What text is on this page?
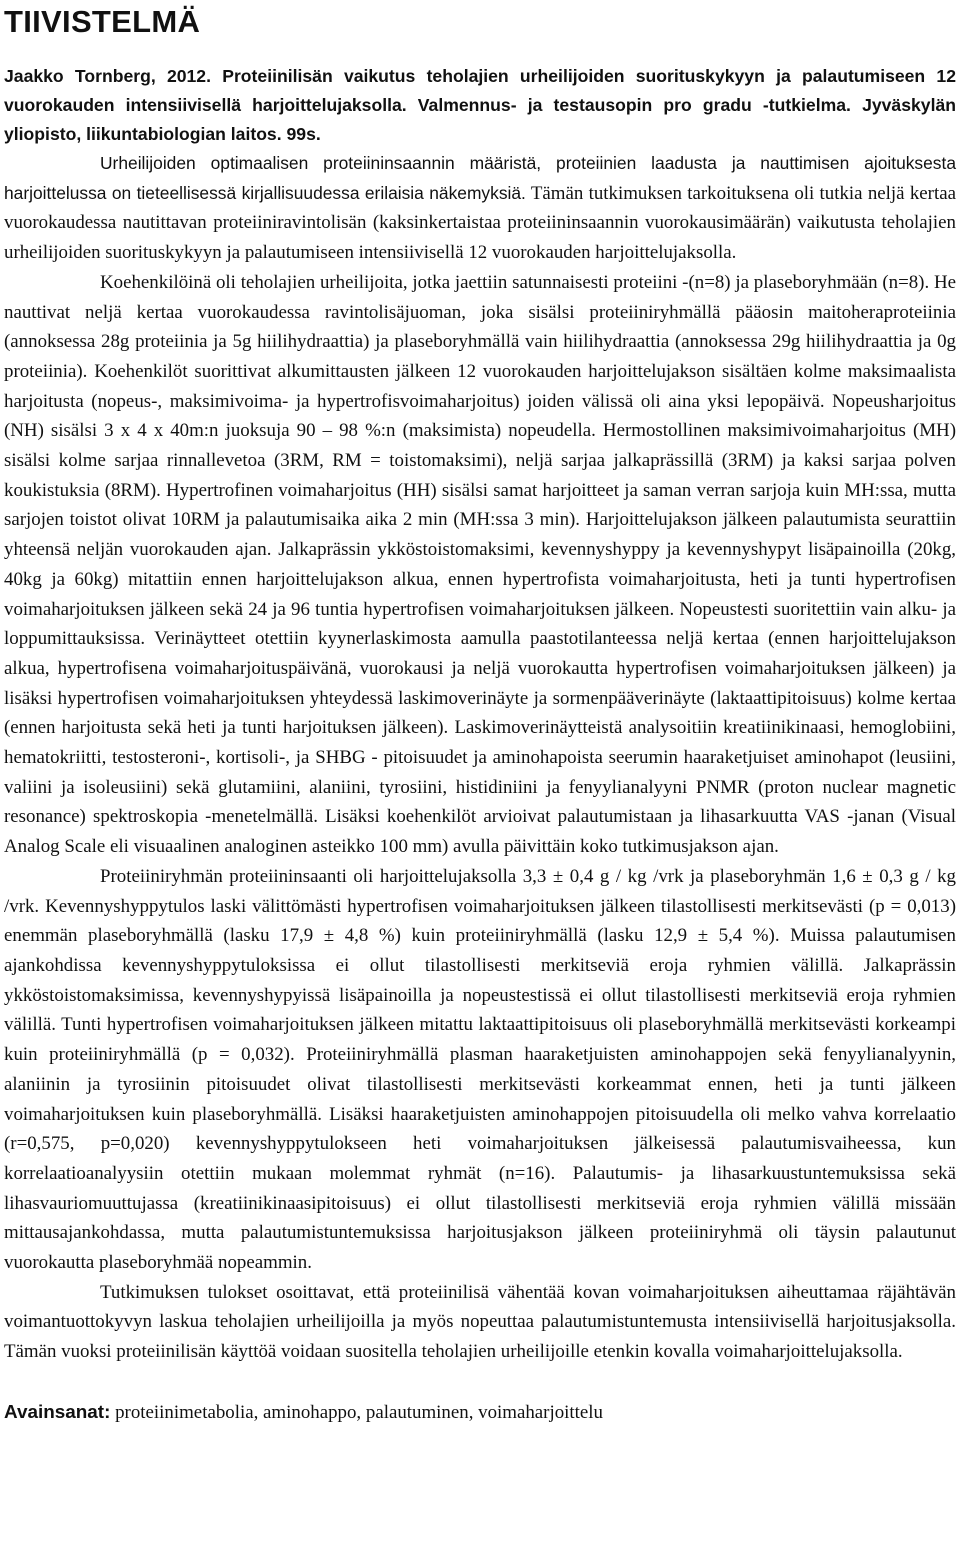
TIIVISTELMÄ

Jaakko Tornberg, 2012. Proteiinilisän vaikutus teholajien urheilijoiden suorituskykyyn ja palautumiseen 12 vuorokauden intensiivisellä harjoittelujaksolla. Valmennus- ja testausopin pro gradu -tutkielma. Jyväskylän yliopisto, liikuntabiologian laitos. 99s.

Urheilijoiden optimaalisen proteiininsaannin määristä, proteiinien laadusta ja nauttimisen ajoituksesta harjoittelussa on tieteellisessä kirjallisuudessa erilaisia näkemyksiä. Tämän tutkimuksen tarkoituksena oli tutkia neljä kertaa vuorokaudessa nautittavan proteiiniravintolisän (kaksinkertaistaa proteiininsaannin vuorokausimäärän) vaikutusta teholajien urheilijoiden suorituskykyyn ja palautumiseen intensiivisellä 12 vuorokauden harjoittelujaksolla.

Koehenkilöinä oli teholajien urheilijoita, jotka jaettiin satunnaisesti proteiini -(n=8) ja plaseboryhmään (n=8). He nauttivat neljä kertaa vuorokaudessa ravintolisäjuoman, joka sisälsi proteiiniryhmällä pääosin maitoheraproteiinia (annoksessa 28g proteiinia ja 5g hiilihydraattia) ja plaseboryhmällä vain hiilihydraattia (annoksessa 29g hiilihydraattia ja 0g proteiinia). Koehenkilöt suorittivat alkumittausten jälkeen 12 vuorokauden harjoittelujakson sisältäen kolme maksimaalista harjoitusta (nopeus-, maksimivoima- ja hypertrofisvoimaharjoitus) joiden välissä oli aina yksi lepopäivä. Nopeusharjoitus (NH) sisälsi 3 x 4 x 40m:n juoksuja 90 – 98 %:n (maksimista) nopeudella. Hermostollinen maksimivoimaharjoitus (MH) sisälsi kolme sarjaa rinnallevetoa (3RM, RM = toistomaksimi), neljä sarjaa jalkaprässillä (3RM) ja kaksi sarjaa polven koukistuksia (8RM). Hypertrofinen voimaharjoitus (HH) sisälsi samat harjoitteet ja saman verran sarjoja kuin MH:ssa, mutta sarjojen toistot olivat 10RM ja palautumisaika aika 2 min (MH:ssa 3 min). Harjoittelujakson jälkeen palautumista seurattiin yhteensä neljän vuorokauden ajan. Jalkaprässin ykköstoistomaksimi, kevennyshyppy ja kevennyshypyt lisäpainoilla (20kg, 40kg ja 60kg) mitattiin ennen harjoittelujakson alkua, ennen hypertrofista voimaharjoitusta, heti ja tunti hypertrofisen voimaharjoituksen jälkeen sekä 24 ja 96 tuntia hypertrofisen voimaharjoituksen jälkeen. Nopeustesti suoritettiin vain alku- ja loppumittauksissa. Verinäytteet otettiin kyynerlaskimosta aamulla paastotilanteessa neljä kertaa (ennen harjoittelujakson alkua, hypertrofisena voimaharjoituspäivänä, vuorokausi ja neljä vuorokautta hypertrofisen voimaharjoituksen jälkeen) ja lisäksi hypertrofisen voimaharjoituksen yhteydessä laskimoverinäyte ja sormenpääverinäyte (laktaattipitoisuus) kolme kertaa (ennen harjoitusta sekä heti ja tunti harjoituksen jälkeen). Laskimoverinäytteistä analysoitiin kreatiinikinaasi, hemoglobiini, hematokriitti, testosteroni-, kortisoli-, ja SHBG - pitoisuudet ja aminohapoista seerumin haaraketjuiset aminohapot (leusiini, valiini ja isoleusiini) sekä glutamiini, alaniini, tyrosiini, histidiniini ja fenyylianalyyni PNMR (proton nuclear magnetic resonance) spektroskopia -menetelmällä. Lisäksi koehenkilöt arvioivat palautumistaan ja lihasarkuutta VAS -janan (Visual Analog Scale eli visuaalinen analoginen asteikko 100 mm) avulla päivittäin koko tutkimusjakson ajan.

Proteiiniryhmän proteiininsaanti oli harjoittelujaksolla 3,3 ± 0,4 g / kg /vrk ja plaseboryhmän 1,6 ± 0,3 g / kg /vrk. Kevennyshyppytulos laski välittömästi hypertrofisen voimaharjoituksen jälkeen tilastollisesti merkitsevästi (p = 0,013) enemmän plaseboryhmällä (lasku 17,9 ± 4,8 %) kuin proteiiniryhmällä (lasku 12,9 ± 5,4 %). Muissa palautumisen ajankohdissa kevennyshyppytuloksissa ei ollut tilastollisesti merkitseviä eroja ryhmien välillä. Jalkaprässin ykköstoistomaksimissa, kevennyshypyissä lisäpainoilla ja nopeustestissä ei ollut tilastollisesti merkitseviä eroja ryhmien välillä. Tunti hypertrofisen voimaharjoituksen jälkeen mitattu laktaattipitoisuus oli plaseboryhmällä merkitsevästi korkeampi kuin proteiiniryhmällä (p = 0,032). Proteiiniryhmällä plasman haaraketjuisten aminohappojen sekä fenyylianalyynin, alaniinin ja tyrosiinin pitoisuudet olivat tilastollisesti merkitsevästi korkeammat ennen, heti ja tunti jälkeen voimaharjoituksen kuin plaseboryhmällä. Lisäksi haaraketjuisten aminohappojen pitoisuudella oli melko vahva korrelaatio (r=0,575, p=0,020) kevennyshyppytulokseen heti voimaharjoituksen jälkeisessä palautumisvaiheessa, kun korrelaatioanalyysiin otettiin mukaan molemmat ryhmät (n=16). Palautumis- ja lihasarkuustuntemuksissa sekä lihasvauriomuuttujassa (kreatiinikinaasipitoisuus) ei ollut tilastollisesti merkitseviä eroja ryhmien välillä missään mittausajankohdassa, mutta palautumistuntemuksissa harjoitusjakson jälkeen proteiiniryhmä oli täysin palautunut vuorokautta plaseboryhmää nopeammin.

Tutkimuksen tulokset osoittavat, että proteiinilisä vähentää kovan voimaharjoituksen aiheuttamaa räjähtävän voimantuottokyvyn laskua teholajien urheilijoilla ja myös nopeuttaa palautumistuntemusta intensiivisellä harjoitusjaksolla. Tämän vuoksi proteiinilisän käyttöä voidaan suositella teholajien urheilijoille etenkin kovalla voimaharjoittelujaksolla.

Avainsanat: proteiinimetabolia, aminohappo, palautuminen, voimaharjoittelu
